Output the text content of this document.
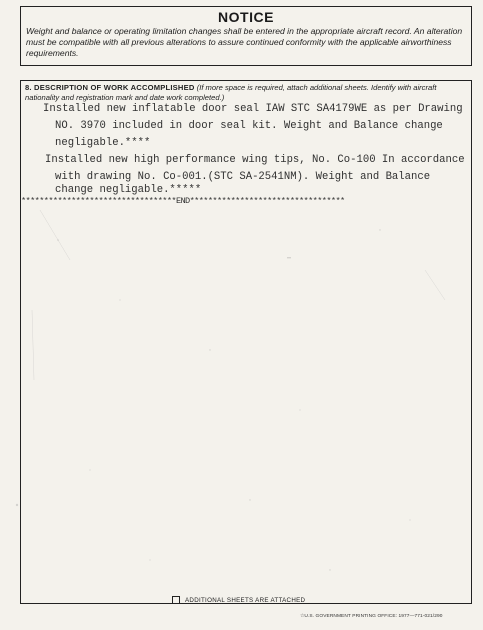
NOTICE

Weight and balance or operating limitation changes shall be entered in the appropriate aircraft record. An alteration must be compatible with all previous alterations to assure continued conformity with the applicable airworthiness requirements.

8. DESCRIPTION OF WORK ACCOMPLISHED (If more space is required, attach additional sheets. Identify with aircraft nationality and registration mark and date work completed.)
Installed new inflatable door seal IAW STC SA4179WE as per Drawing
NO. 3970 included in door seal kit. Weight and Balance change
negligable.****
Installed new high performance wing tips, No. Co-100 In accordance
with drawing No. Co-001.(STC SA-2541NM). Weight and Balance
change negligable.*****
**********************************END**********************************
ADDITIONAL SHEETS ARE ATTACHED
☆U.S. GOVERNMENT PRINTING OFFICE: 1977—771-021/290
